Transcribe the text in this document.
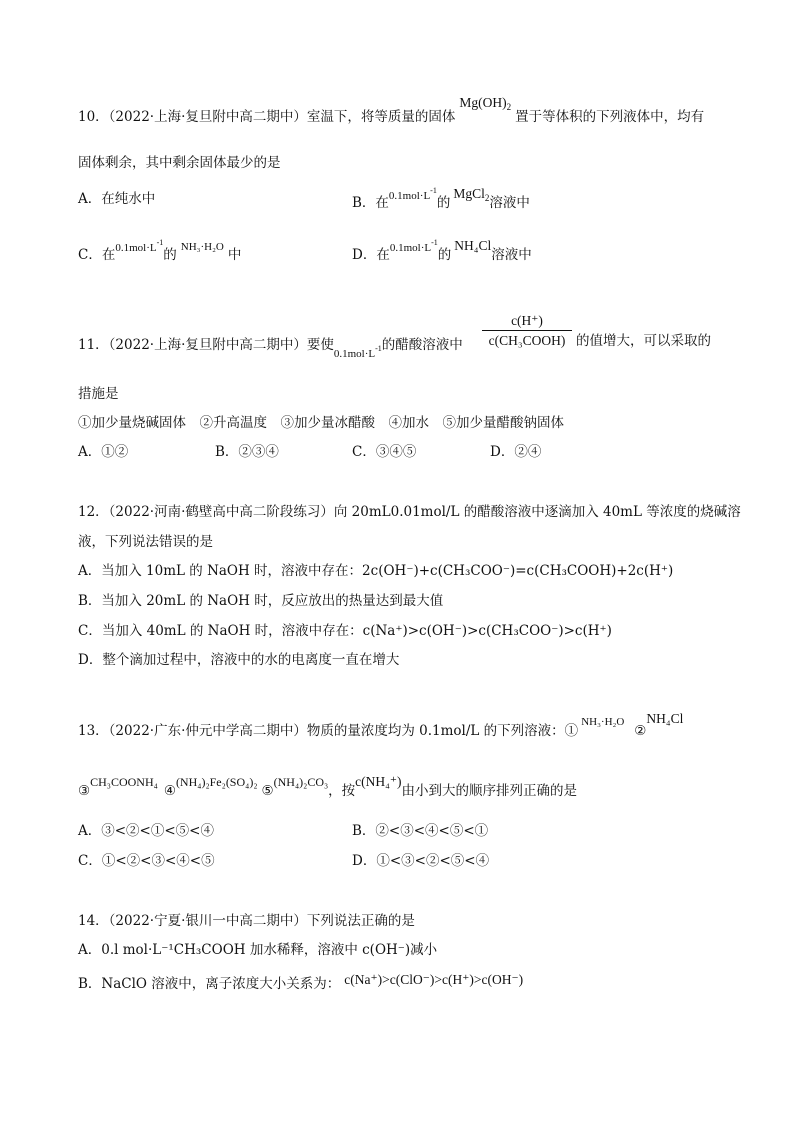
10．（2022·上海·复旦附中高二期中）室温下，将等质量的固体$Mg(OH)_2$置于等体积的下列液体中，均有
固体剩余，其中剩余固体最少的是
A．在纯水中	B．在$^{0.1mol\cdot L^{-1}}$的MgCl$_2$溶液中
C．在$^{0.1mol\cdot L^{-1}}$的 $^{NH_3\cdot H_2O}$ 中	D．在$^{0.1mol\cdot L^{-1}}$的NH₄Cl溶液中
11．（2022·上海·复旦附中高二期中）要使$_{0.1mol\cdot L^{-1}}$的醋酸溶液中
c(H⁺)
c(CH₃COOH) 的值增大，可以采取的
措施是
①加少量烧碱固体　②升高温度　③加少量冰醋酸　④加水　⑤加少量醋酸钠固体
A．①②	B．②③④	C．③④⑤	D．②④
12．（2022·河南·鹤壁高中高二阶段练习）向 20mL0.01mol/L 的醋酸溶液中逐滴加入 40mL 等浓度的烧碱溶
液，下列说法错误的是
A．当加入 10mL 的 NaOH 时，溶液中存在：2c(OH⁻)+c(CH₃COO⁻)=c(CH₃COOH)+2c(H⁺)
B．当加入 20mL 的 NaOH 时，反应放出的热量达到最大值
C．当加入 40mL 的 NaOH 时，溶液中存在：c(Na⁺)>c(OH⁻)>c(CH₃COO⁻)>c(H⁺)
D．整个滴加过程中，溶液中的水的电离度一直在增大
13．（2022·广东·仲元中学高二期中）物质的量浓度均为 0.1mol/L 的下列溶液：①$^{NH_3\cdot H_2O}$②NH₄Cl
③CH₃COONH₄④(NH₄)₂Fe₂(SO₄)₂⑤(NH₄)₂CO₃，按c(NH₄⁺)由小到大的顺序排列正确的是
A．③<②<①<⑤<④	B．②<③<④<⑤<①
C．①<②<③<④<⑤	D．①<③<②<⑤<④
14．（2022·宁夏·银川一中高二期中）下列说法正确的是
A．0.l mol·L⁻¹CH₃COOH 加水稀释，溶液中 c(OH⁻)减小
B．NaClO 溶液中，离子浓度大小关系为： c(Na⁺)>c(ClO⁻)>c(H⁺)>c(OH⁻)
